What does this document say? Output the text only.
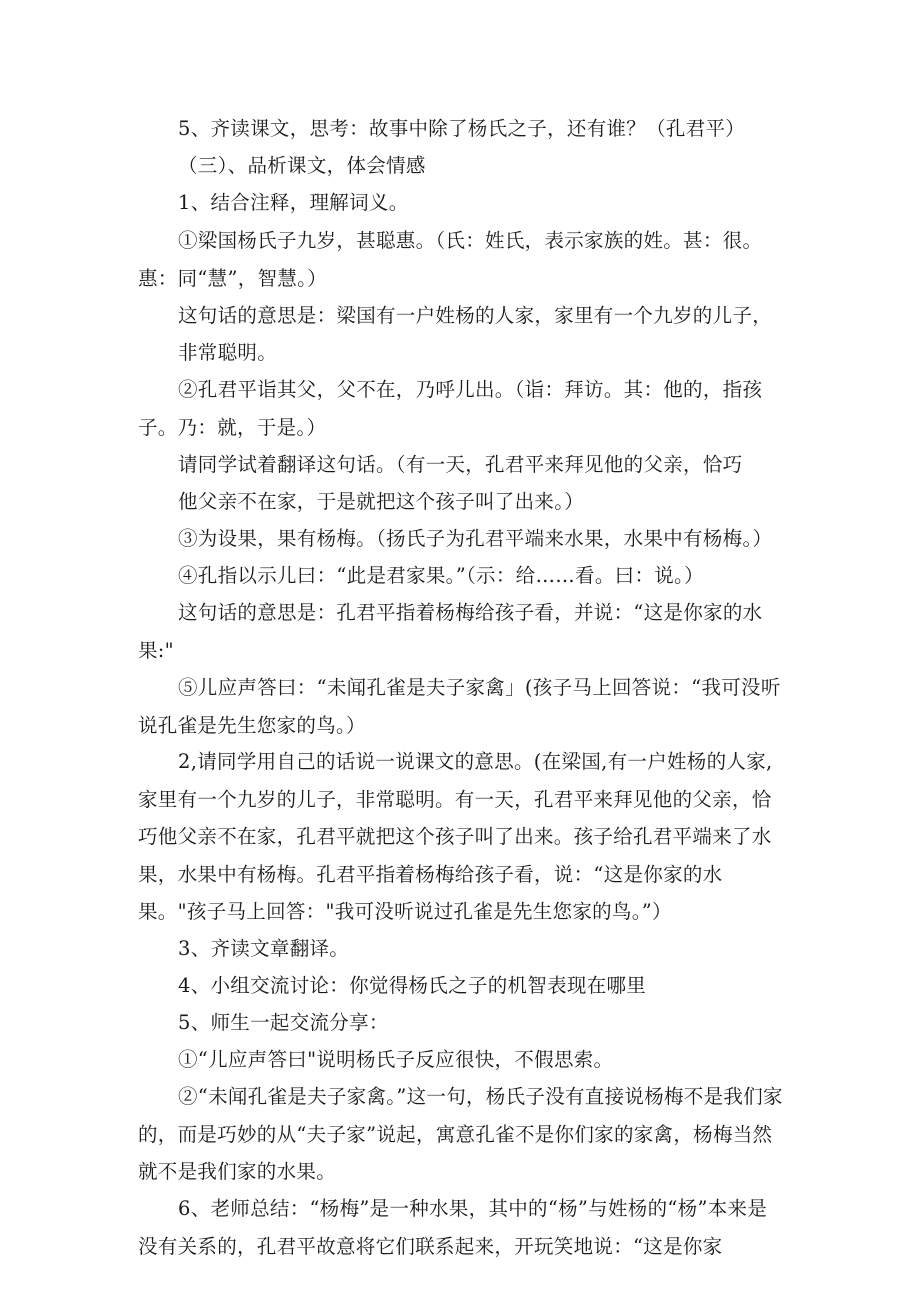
5、齐读课文，思考：故事中除了杨氏之子，还有谁？（孔君平）
（三）、品析课文，体会情感
1、结合注释，理解词义。
①梁国杨氏子九岁，甚聪惠。（氏：姓氏，表示家族的姓。甚：很。惠：同“慧”，智慧。）
这句话的意思是：梁国有一户姓杨的人家，家里有一个九岁的儿子，
非常聪明。
②孔君平诣其父，父不在，乃呼儿出。（诣：拜访。其：他的，指孩子。乃：就，于是。）
请同学试着翻译这句话。（有一天，孔君平来拜见他的父亲，恰巧
他父亲不在家，于是就把这个孩子叫了出来。）
③为设果，果有杨梅。（扬氏子为孔君平端来水果，水果中有杨梅。）
④孔指以示儿曰：“此是君家果。”（示：给……看。曰：说。）
这句话的意思是：孔君平指着杨梅给孩子看，并说：“这是你家的水果:"
⑤儿应声答曰：“未闻孔雀是夫子家禽」(孩子马上回答说：“我可没听说孔雀是先生您家的鸟。）
2,请同学用自己的话说一说课文的意思。(在梁国,有一户姓杨的人家,家里有一个九岁的儿子，非常聪明。有一天，孔君平来拜见他的父亲，恰巧他父亲不在家，孔君平就把这个孩子叫了出来。孩子给孔君平端来了水果，水果中有杨梅。孔君平指着杨梅给孩子看，说：“这是你家的水果。"孩子马上回答："我可没听说过孔雀是先生您家的鸟。”）
3、齐读文章翻译。
4、小组交流讨论：你觉得杨氏之子的机智表现在哪里
5、师生一起交流分享：
①“儿应声答曰"说明杨氏子反应很快，不假思索。
②“未闻孔雀是夫子家禽。”这一句，杨氏子没有直接说杨梅不是我们家的，而是巧妙的从“夫子家”说起，寓意孔雀不是你们家的家禽，杨梅当然就不是我们家的水果。
6、老师总结：“杨梅”是一种水果，其中的“杨”与姓杨的“杨”本来是没有关系的，孔君平故意将它们联系起来，开玩笑地说：“这是你家
